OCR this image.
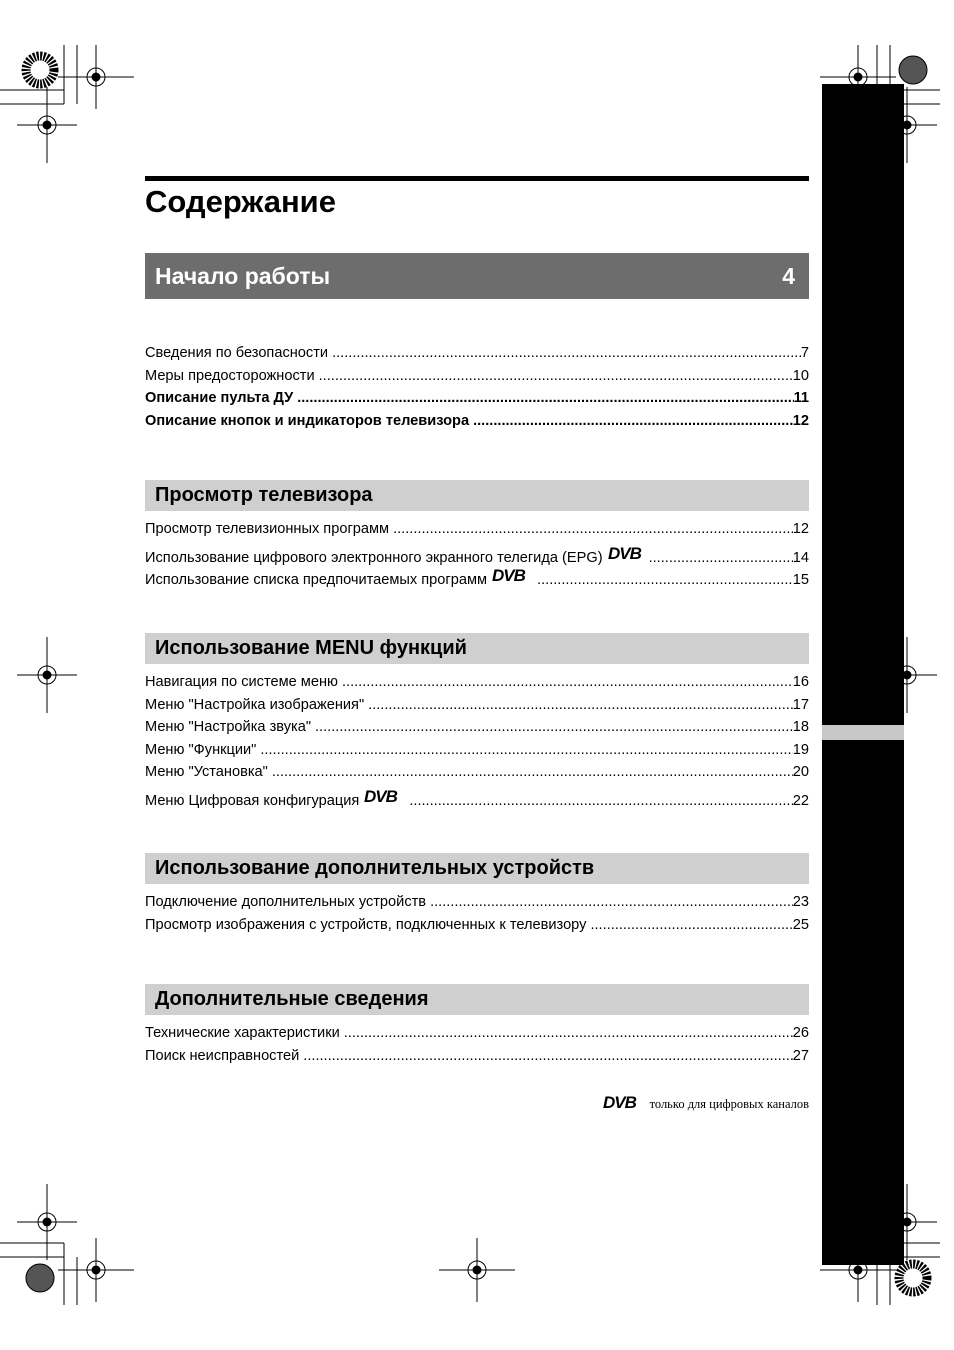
Содержание
Начало работы	4
Сведения по безопасности .....	7
Меры предосторожности .....	10
Описание пульта ДУ .....	11
Описание кнопок и индикаторов телевизора .....	12
Просмотр телевизора
Просмотр телевизионных программ .....	12
Использование цифрового электронного экранного телегида (EPG) DVB .....	14
Использование списка предпочитаемых программ DVB .....	15
Использование MENU функций
Навигация по системе меню .....	16
Меню "Настройка изображения" .....	17
Меню "Настройка звука" .....	18
Меню "Функции" .....	19
Меню "Установка" .....	20
Меню Цифровая конфигурация DVB .....	22
Использование дополнительных устройств
Подключение дополнительных устройств .....	23
Просмотр изображения с устройств, подключенных к телевизору .....	25
Дополнительные сведения
Технические характеристики .....	26
Поиск неисправностей .....	27
DVB только для цифровых каналов
